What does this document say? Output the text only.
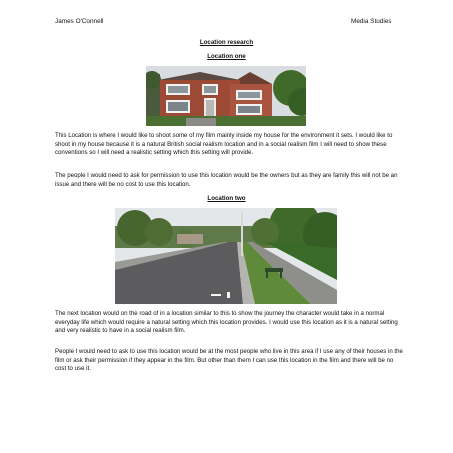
James O'Connell	Media Studies
Location research
Location one

This Location is where I would like to shoot some of my film mainly inside my house for the environment it sets. I would like to shoot in my house because it is a natural British social realism location and in a social realism film I will need to show these conventions so I will need a realistic setting which this setting will provide.

The people I would need to ask for permission to use this location would be the owners but as they are family this will not be an issue and there will be no cost to use this location.

Location two

The next location would on the road of in a location similar to this to show the journey the character would take in a normal everyday life which would require a natural setting which this location provides. I would use this location as it is a natural setting and very realistic to have in a social realism film.

People I would need to ask to use this location would be at the most people who live in this area if I use any of their houses in the film or ask their permission if they appear in the film. But other than them I can use this location in the film and there will be no cost to use it.
